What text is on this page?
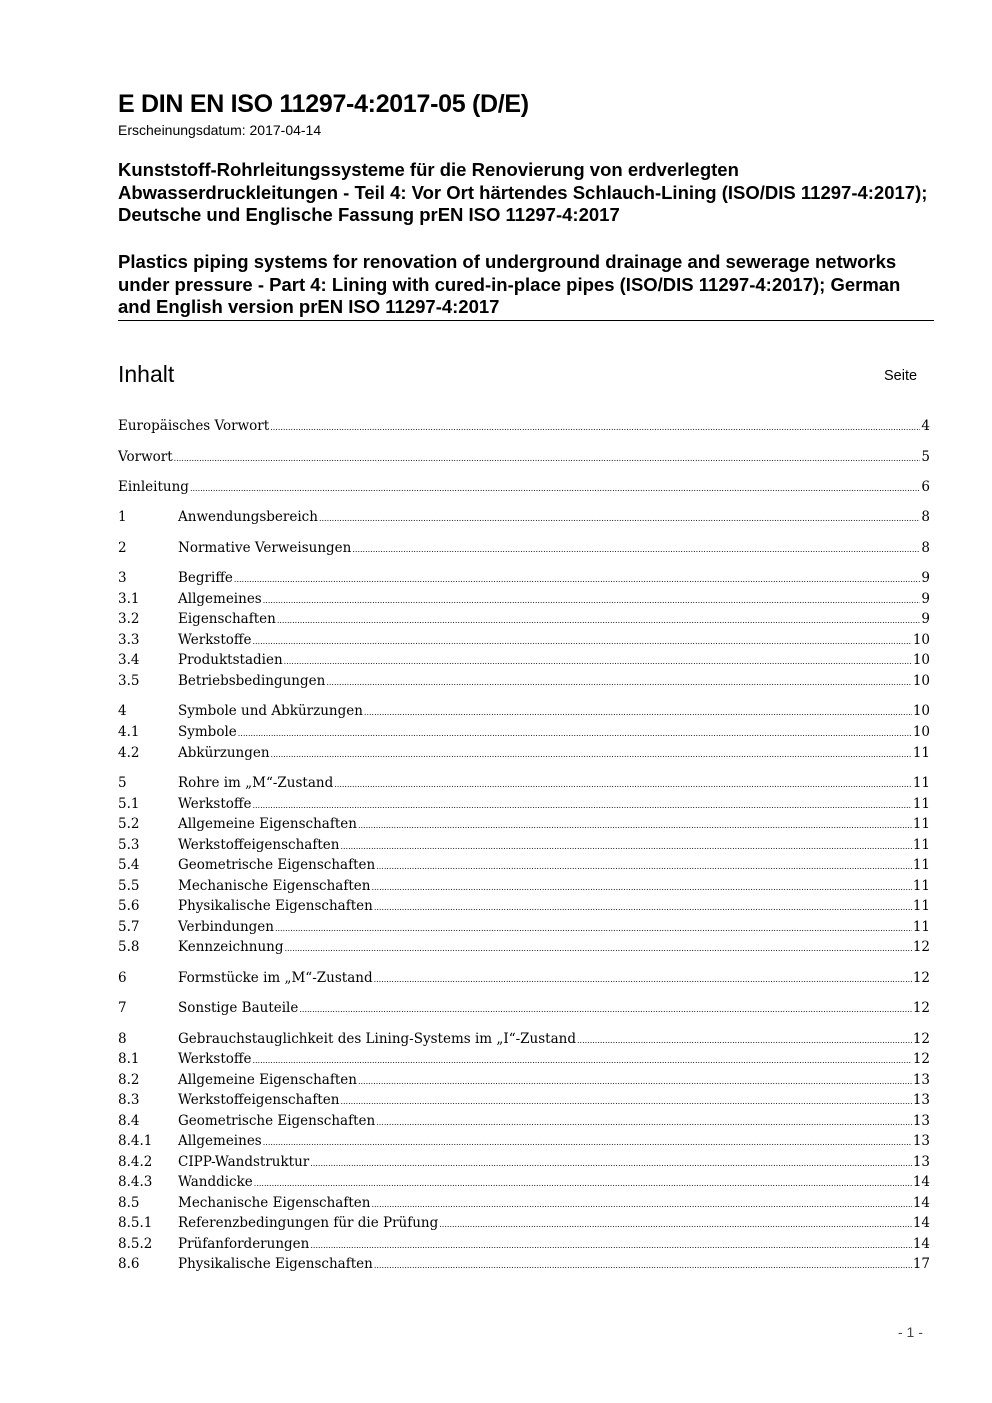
E DIN EN ISO 11297-4:2017-05 (D/E)
Erscheinungsdatum: 2017-04-14

Kunststoff-Rohrleitungssysteme für die Renovierung von erdverlegten Abwasserdruckleitungen - Teil 4: Vor Ort härtendes Schlauch-Lining (ISO/DIS 11297-4:2017); Deutsche und Englische Fassung prEN ISO 11297-4:2017

Plastics piping systems for renovation of underground drainage and sewerage networks under pressure - Part 4: Lining with cured-in-place pipes (ISO/DIS 11297-4:2017); German and English version prEN ISO 11297-4:2017

Inhalt	Seite
Europäisches Vorwort .....	4
Vorwort .....	5
Einleitung .....	6
1	Anwendungsbereich .....	8
2	Normative Verweisungen .....	8
3	Begriffe .....	9
3.1	Allgemeines .....	9
3.2	Eigenschaften .....	9
3.3	Werkstoffe .....	10
3.4	Produktstadien .....	10
3.5	Betriebsbedingungen .....	10
4	Symbole und Abkürzungen .....	10
4.1	Symbole .....	10
4.2	Abkürzungen .....	11
5	Rohre im „M“-Zustand .....	11
5.1	Werkstoffe .....	11
5.2	Allgemeine Eigenschaften .....	11
5.3	Werkstoffeigenschaften .....	11
5.4	Geometrische Eigenschaften .....	11
5.5	Mechanische Eigenschaften .....	11
5.6	Physikalische Eigenschaften .....	11
5.7	Verbindungen .....	11
5.8	Kennzeichnung .....	12
6	Formstücke im „M“-Zustand .....	12
7	Sonstige Bauteile .....	12
8	Gebrauchstauglichkeit des Lining-Systems im „I“-Zustand .....	12
8.1	Werkstoffe .....	12
8.2	Allgemeine Eigenschaften .....	13
8.3	Werkstoffeigenschaften .....	13
8.4	Geometrische Eigenschaften .....	13
8.4.1	Allgemeines .....	13
8.4.2	CIPP-Wandstruktur .....	13
8.4.3	Wanddicke .....	14
8.5	Mechanische Eigenschaften .....	14
8.5.1	Referenzbedingungen für die Prüfung .....	14
8.5.2	Prüfanforderungen .....	14
8.6	Physikalische Eigenschaften .....	17
- 1 -
